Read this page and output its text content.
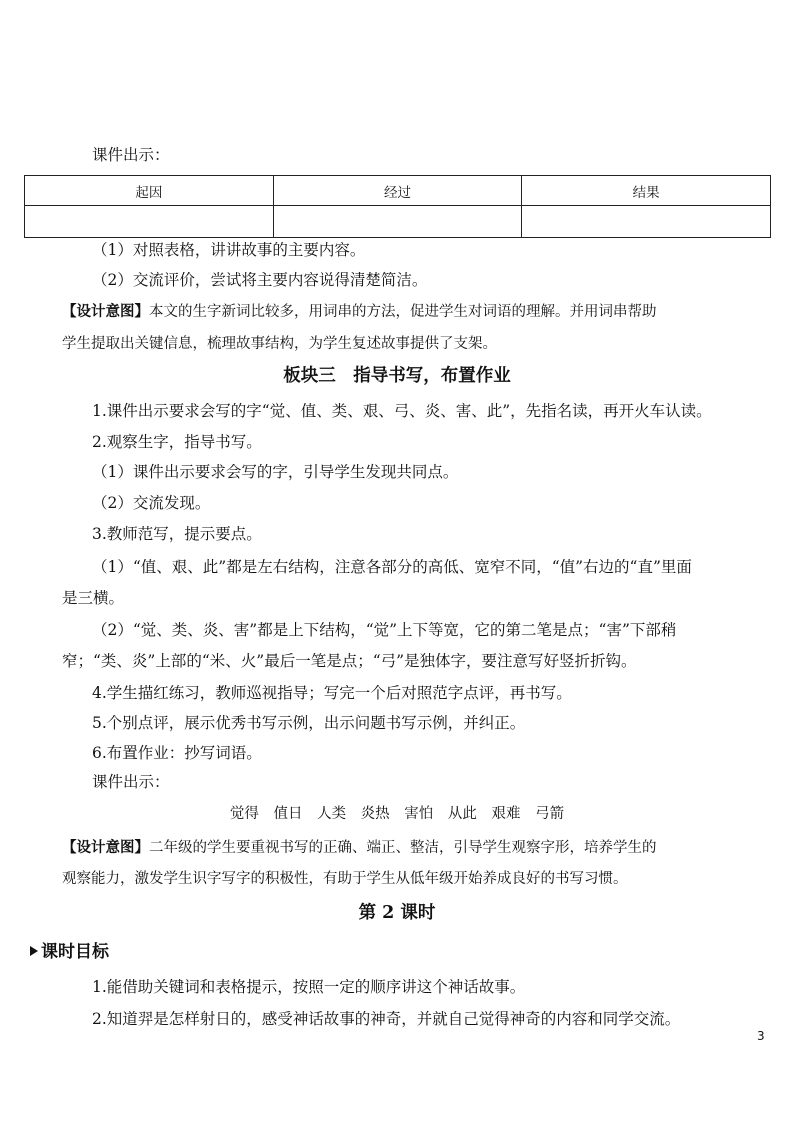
课件出示：
起因	经过	结果

（1）对照表格，讲讲故事的主要内容。
（2）交流评价，尝试将主要内容说得清楚简洁。
【设计意图】本文的生字新词比较多，用词串的方法，促进学生对词语的理解。并用词串帮助
学生提取出关键信息，梳理故事结构，为学生复述故事提供了支架。
板块三　指导书写，布置作业
1.课件出示要求会写的字“觉、值、类、艰、弓、炎、害、此”，先指名读，再开火车认读。
2.观察生字，指导书写。
（1）课件出示要求会写的字，引导学生发现共同点。
（2）交流发现。
3.教师范写，提示要点。
（1）“值、艰、此”都是左右结构，注意各部分的高低、宽窄不同，“值”右边的“直”里面
是三横。
（2）“觉、类、炎、害”都是上下结构，“觉”上下等宽，它的第二笔是点；“害”下部稍
窄；“类、炎”上部的“米、火”最后一笔是点；“弓”是独体字，要注意写好竖折折钩。
4.学生描红练习，教师巡视指导；写完一个后对照范字点评，再书写。
5.个别点评，展示优秀书写示例，出示问题书写示例，并纠正。
6.布置作业：抄写词语。
课件出示：
觉得 值日 人类 炎热 害怕 从此 艰难 弓箭
【设计意图】二年级的学生要重视书写的正确、端正、整洁，引导学生观察字形，培养学生的
观察能力，激发学生识字写字的积极性，有助于学生从低年级开始养成良好的书写习惯。
第 2 课时
课时目标
1.能借助关键词和表格提示，按照一定的顺序讲这个神话故事。
2.知道羿是怎样射日的，感受神话故事的神奇，并就自己觉得神奇的内容和同学交流。
3
